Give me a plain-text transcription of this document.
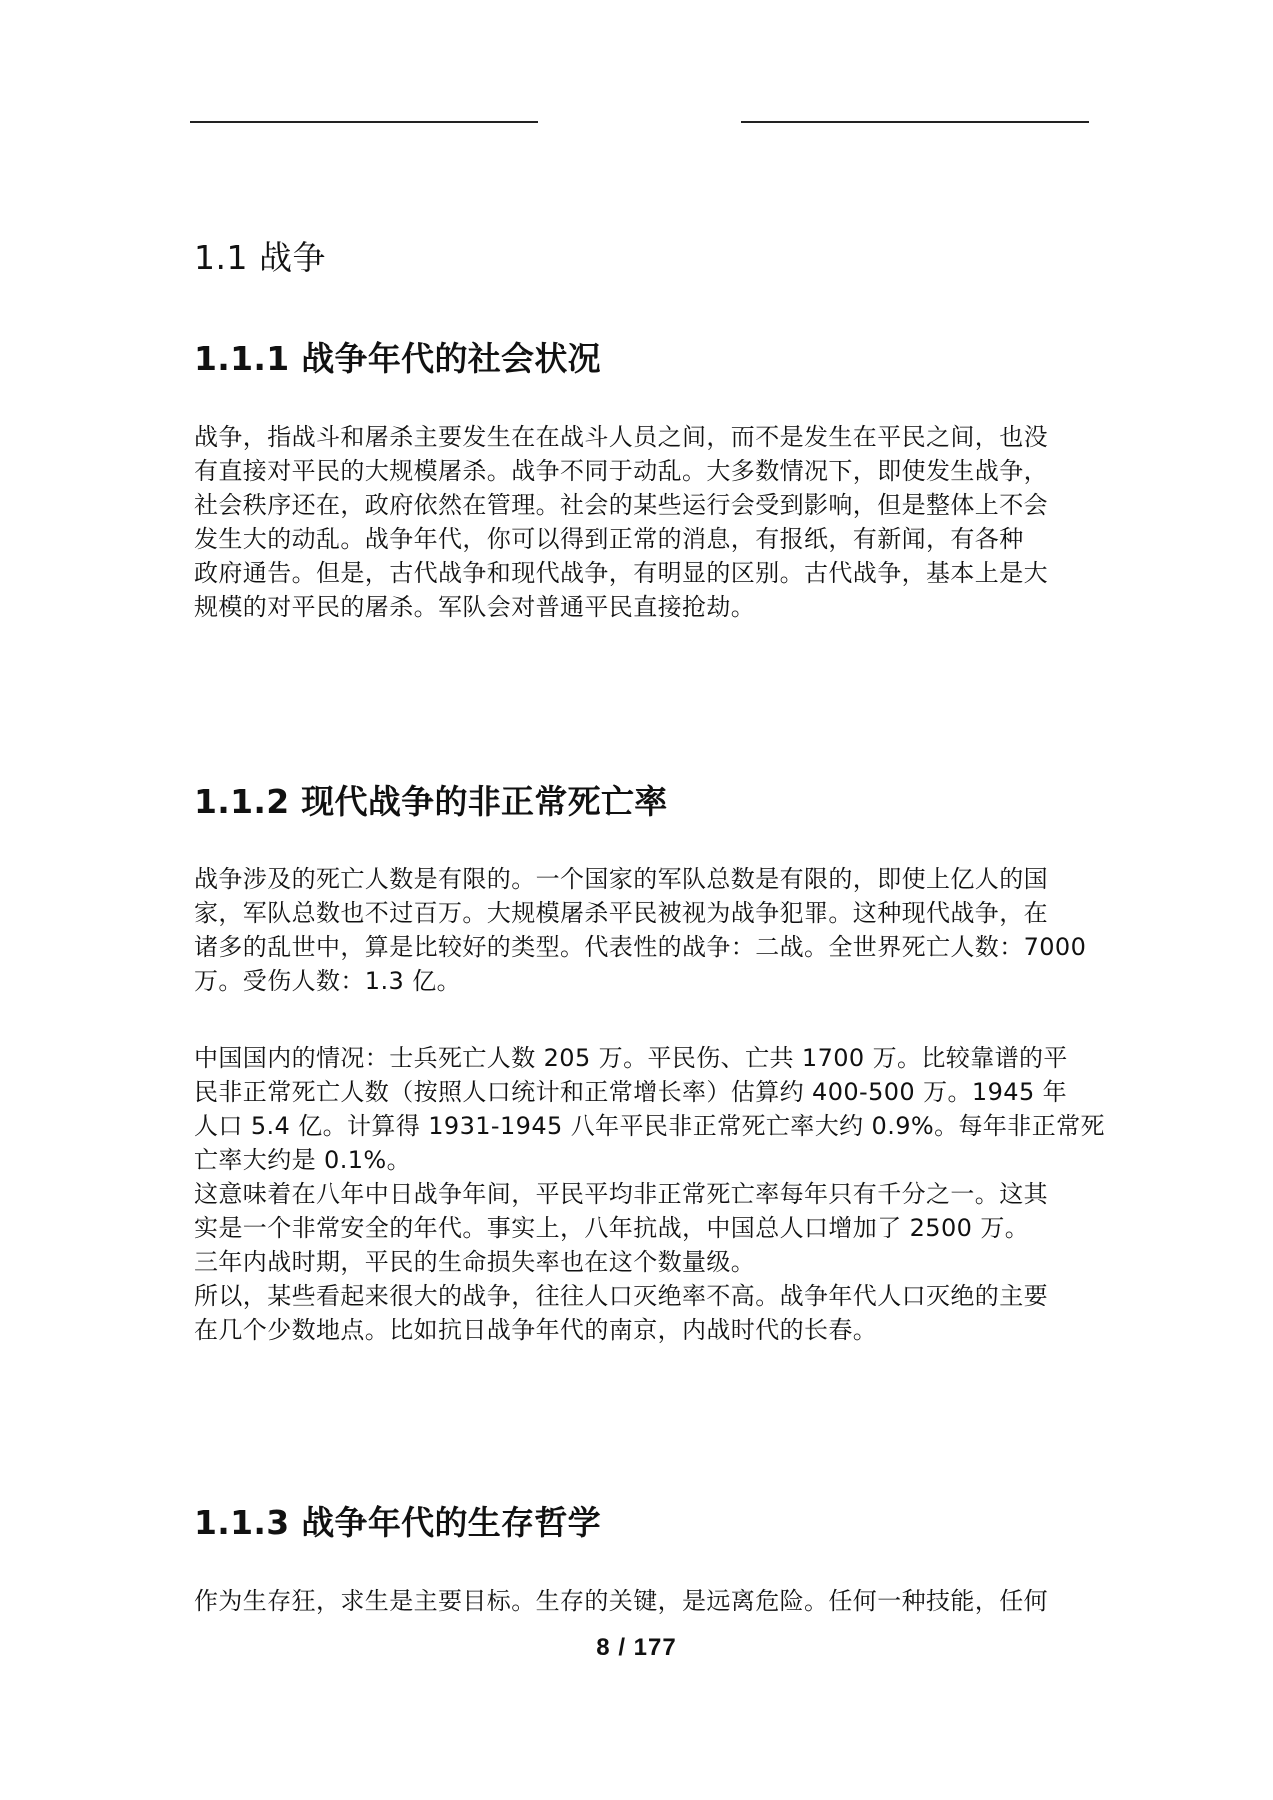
1.1 战争
1.1.1 战争年代的社会状况
战争，指战斗和屠杀主要发生在在战斗人员之间，而不是发生在平民之间，也没
有直接对平民的大规模屠杀。战争不同于动乱。大多数情况下，即使发生战争，
社会秩序还在，政府依然在管理。社会的某些运行会受到影响，但是整体上不会
发生大的动乱。战争年代，你可以得到正常的消息，有报纸，有新闻，有各种
政府通告。但是，古代战争和现代战争，有明显的区别。古代战争，基本上是大
规模的对平民的屠杀。军队会对普通平民直接抢劫。
1.1.2 现代战争的非正常死亡率
战争涉及的死亡人数是有限的。一个国家的军队总数是有限的，即使上亿人的国
家，军队总数也不过百万。大规模屠杀平民被视为战争犯罪。这种现代战争，在
诸多的乱世中，算是比较好的类型。代表性的战争：二战。全世界死亡人数：7000
万。受伤人数：1.3 亿。
中国国内的情况：士兵死亡人数 205 万。平民伤、亡共 1700 万。比较靠谱的平
民非正常死亡人数（按照人口统计和正常增长率）估算约 400-500 万。1945 年
人口 5.4 亿。计算得 1931-1945 八年平民非正常死亡率大约 0.9%。每年非正常死
亡率大约是 0.1%。
这意味着在八年中日战争年间，平民平均非正常死亡率每年只有千分之一。这其
实是一个非常安全的年代。事实上，八年抗战，中国总人口增加了 2500 万。
三年内战时期，平民的生命损失率也在这个数量级。
所以，某些看起来很大的战争，往往人口灭绝率不高。战争年代人口灭绝的主要
在几个少数地点。比如抗日战争年代的南京，内战时代的长春。
1.1.3 战争年代的生存哲学
作为生存狂，求生是主要目标。生存的关键，是远离危险。任何一种技能，任何
8 / 177
